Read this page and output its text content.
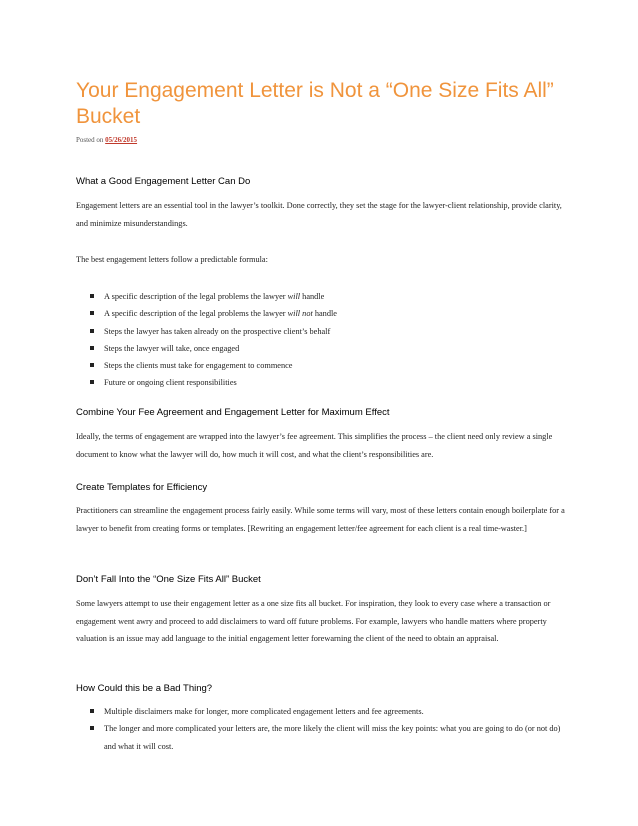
Your Engagement Letter is Not a “One Size Fits All” Bucket
Posted on 05/26/2015
What a Good Engagement Letter Can Do

Engagement letters are an essential tool in the lawyer’s toolkit. Done correctly, they set the stage for the lawyer-client relationship, provide clarity, and minimize misunderstandings.

The best engagement letters follow a predictable formula:

A specific description of the legal problems the lawyer will handle
A specific description of the legal problems the lawyer will not handle
Steps the lawyer has taken already on the prospective client’s behalf
Steps the lawyer will take, once engaged
Steps the clients must take for engagement to commence
Future or ongoing client responsibilities
Combine Your Fee Agreement and Engagement Letter for Maximum Effect

Ideally, the terms of engagement are wrapped into the lawyer’s fee agreement. This simplifies the process – the client need only review a single document to know what the lawyer will do, how much it will cost, and what the client’s responsibilities are.

Create Templates for Efficiency

Practitioners can streamline the engagement process fairly easily. While some terms will vary, most of these letters contain enough boilerplate for a lawyer to benefit from creating forms or templates. [Rewriting an engagement letter/fee agreement for each client is a real time-waster.]

Don’t Fall Into the “One Size Fits All” Bucket

Some lawyers attempt to use their engagement letter as a one size fits all bucket. For inspiration, they look to every case where a transaction or engagement went awry and proceed to add disclaimers to ward off future problems. For example, lawyers who handle matters where property valuation is an issue may add language to the initial engagement letter forewarning the client of the need to obtain an appraisal.

How Could this be a Bad Thing?
Multiple disclaimers make for longer, more complicated engagement letters and fee agreements.
The longer and more complicated your letters are, the more likely the client will miss the key points: what you are going to do (or not do) and what it will cost.
